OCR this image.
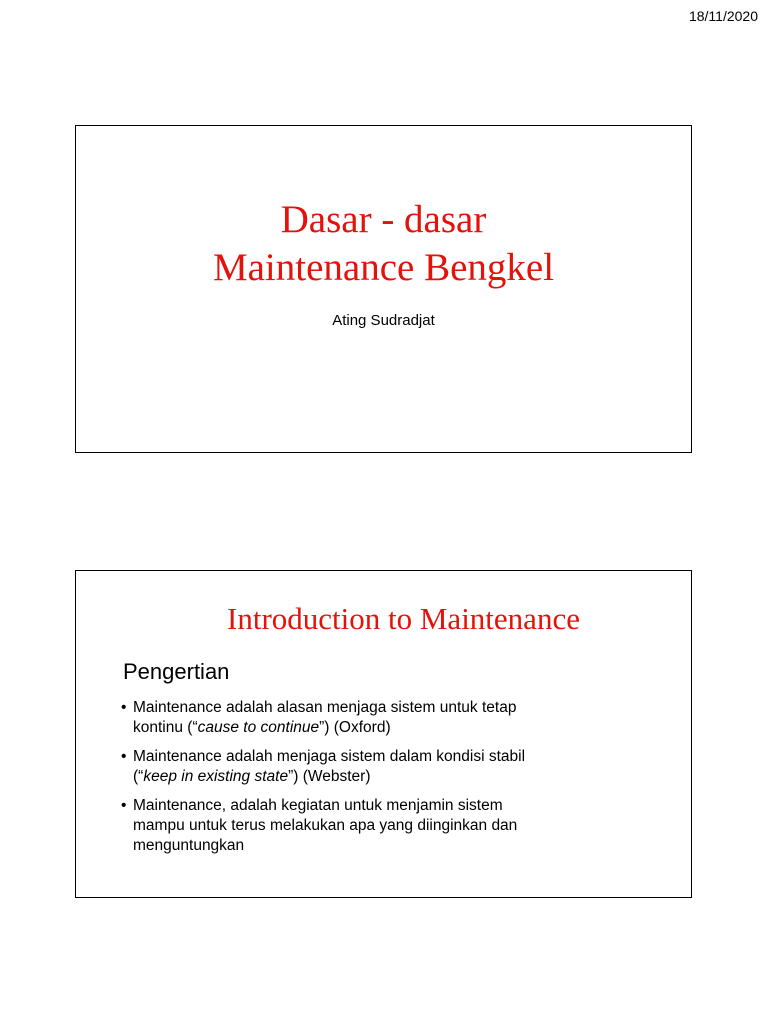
18/11/2020
Dasar - dasar
Maintenance Bengkel
Ating Sudradjat
Introduction to Maintenance
Pengertian
• Maintenance adalah alasan menjaga sistem untuk tetap
kontinu (“cause to continue”) (Oxford)
• Maintenance adalah menjaga sistem dalam kondisi stabil
(“keep in existing state”) (Webster)
• Maintenance, adalah kegiatan untuk menjamin sistem
mampu untuk terus melakukan apa yang diinginkan dan
menguntungkan
